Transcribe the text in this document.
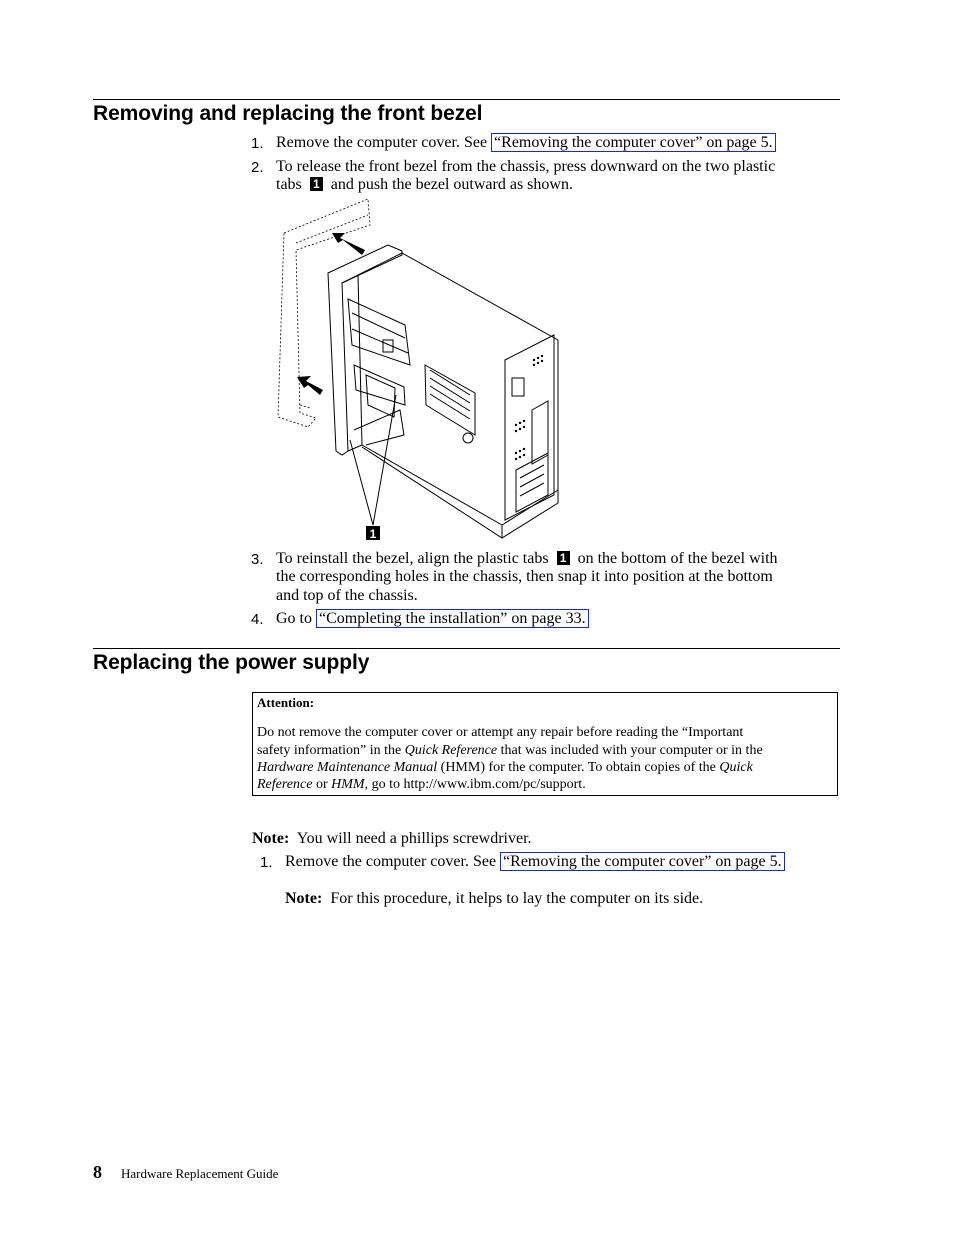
Removing and replacing the front bezel
1. Remove the computer cover. See “Removing the computer cover” on page 5.
2. To release the front bezel from the chassis, press downward on the two plastic
tabs 1 and push the bezel outward as shown.
1
3. To reinstall the bezel, align the plastic tabs 1 on the bottom of the bezel with
the corresponding holes in the chassis, then snap it into position at the bottom
and top of the chassis.
4. Go to “Completing the installation” on page 33.
Replacing the power supply
Attention:
Do not remove the computer cover or attempt any repair before reading the “Important
safety information” in the Quick Reference that was included with your computer or in the
Hardware Maintenance Manual (HMM) for the computer. To obtain copies of the Quick
Reference or HMM, go to http://www.ibm.com/pc/support.
Note: You will need a phillips screwdriver.
1. Remove the computer cover. See “Removing the computer cover” on page 5.
Note: For this procedure, it helps to lay the computer on its side.
8 Hardware Replacement Guide
